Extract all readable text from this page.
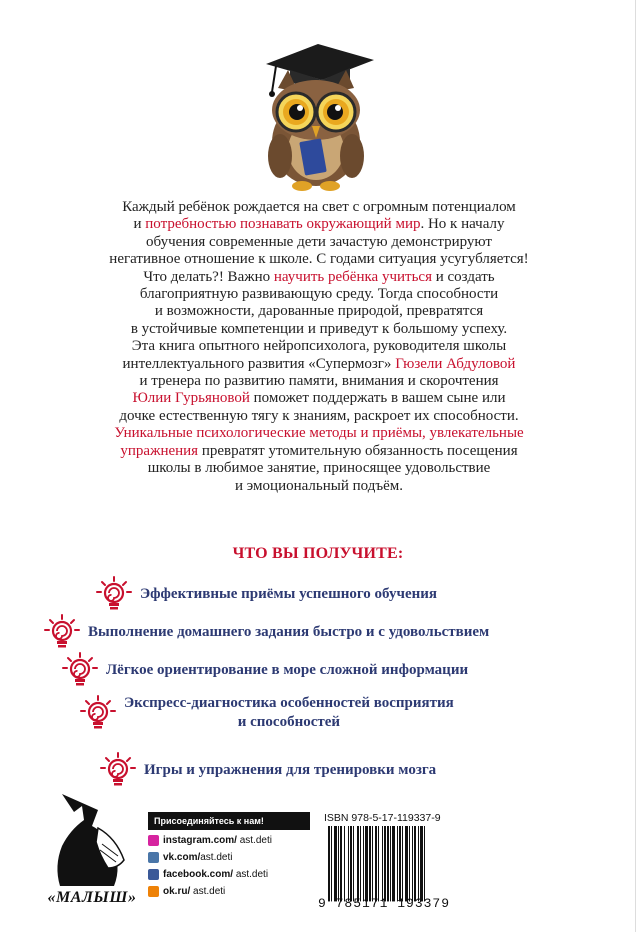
Каждый ребёнок рождается на свет с огромным потенциалом
и потребностью познавать окружающий мир. Но к началу
обучения современные дети зачастую демонстрируют
негативное отношение к школе. С годами ситуация усугубляется!
Что делать?! Важно научить ребёнка учиться и создать
благоприятную развивающую среду. Тогда способности
и возможности, дарованные природой, превратятся
в устойчивые компетенции и приведут к большому успеху.
Эта книга опытного нейропсихолога, руководителя школы
интеллектуального развития «Супермозг» Гюзели Абдуловой
и тренера по развитию памяти, внимания и скорочтения
Юлии Гурьяновой поможет поддержать в вашем сыне или
дочке естественную тягу к знаниям, раскроет их способности.
Уникальные психологические методы и приёмы, увлекательные
упражнения превратят утомительную обязанность посещения
школы в любимое занятие, приносящее удовольствие
и эмоциональный подъём.
ЧТО ВЫ ПОЛУЧИТЕ:
Эффективные приёмы успешного обучения
Выполнение домашнего задания быстро и с удовольствием
Лёгкое ориентирование в море сложной информации
Экспресс-диагностика особенностей восприятия
и способностей
Игры и упражнения для тренировки мозга
«МАЛЫШ»
Присоединяйтесь к нам!
instagram.com/
ast.deti
vk.com/ ast.deti
facebook.com/
ast.deti
ok.ru/
ast.deti
ISBN 978-5-17-119337-9
9 785171 193379
